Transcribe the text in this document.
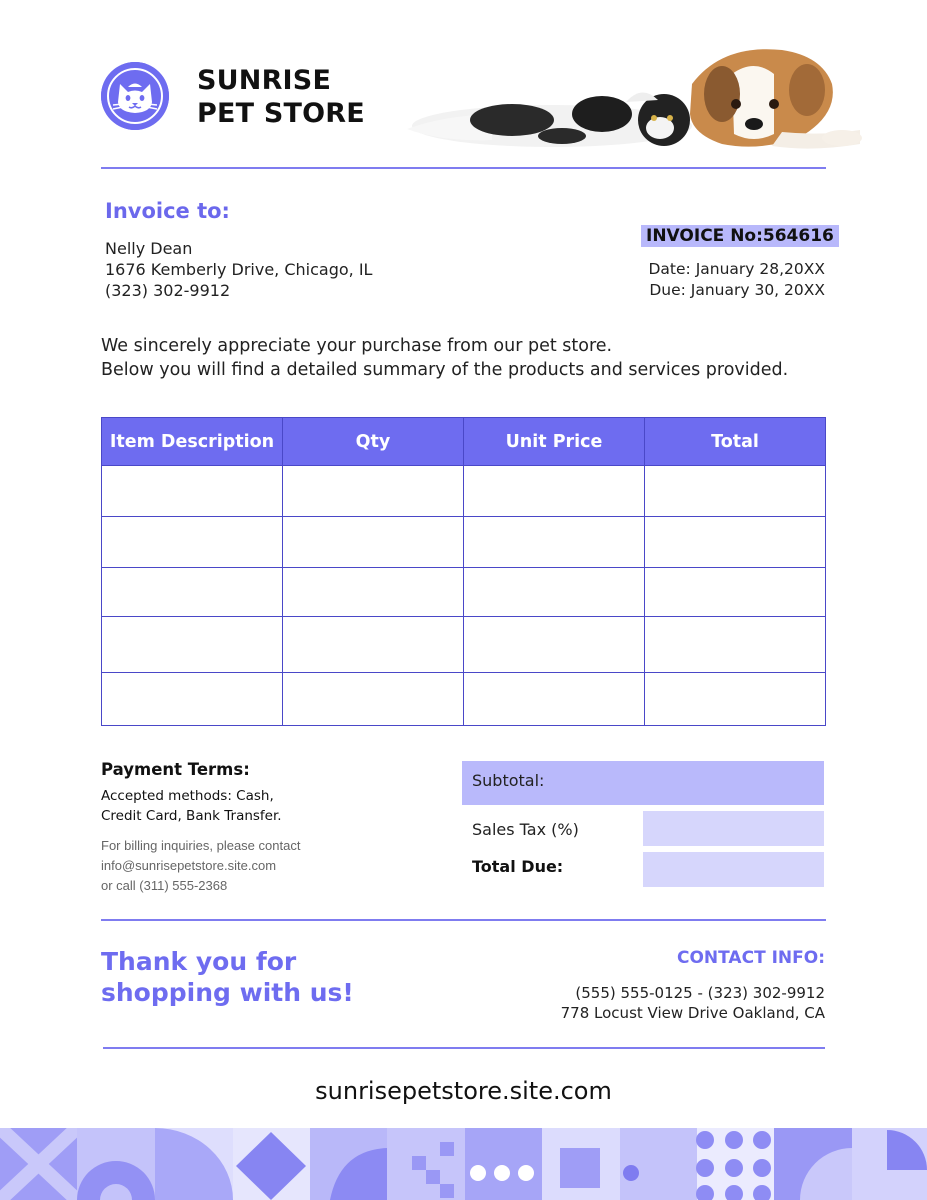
SUNRISE
PET STORE
Invoice to:
Nelly Dean
1676 Kemberly Drive, Chicago, IL
(323) 302-9912
INVOICE No:564616
Date: January 28,20XX
Due: January 30, 20XX
We sincerely appreciate your purchase from our pet store.
Below you will find a detailed summary of the products and services provided.
Item Description	Qty	Unit Price	Total

Payment Terms:
Accepted methods: Cash,
Credit Card, Bank Transfer.
For billing inquiries, please contact
info@sunrisepetstore.site.com
or call (311) 555-2368
Subtotal:
Sales Tax (%)
Total Due:
Thank you for
shopping with us!
CONTACT INFO:
(555) 555-0125 - (323) 302-9912
778 Locust View Drive Oakland, CA
sunrisepetstore.site.com
